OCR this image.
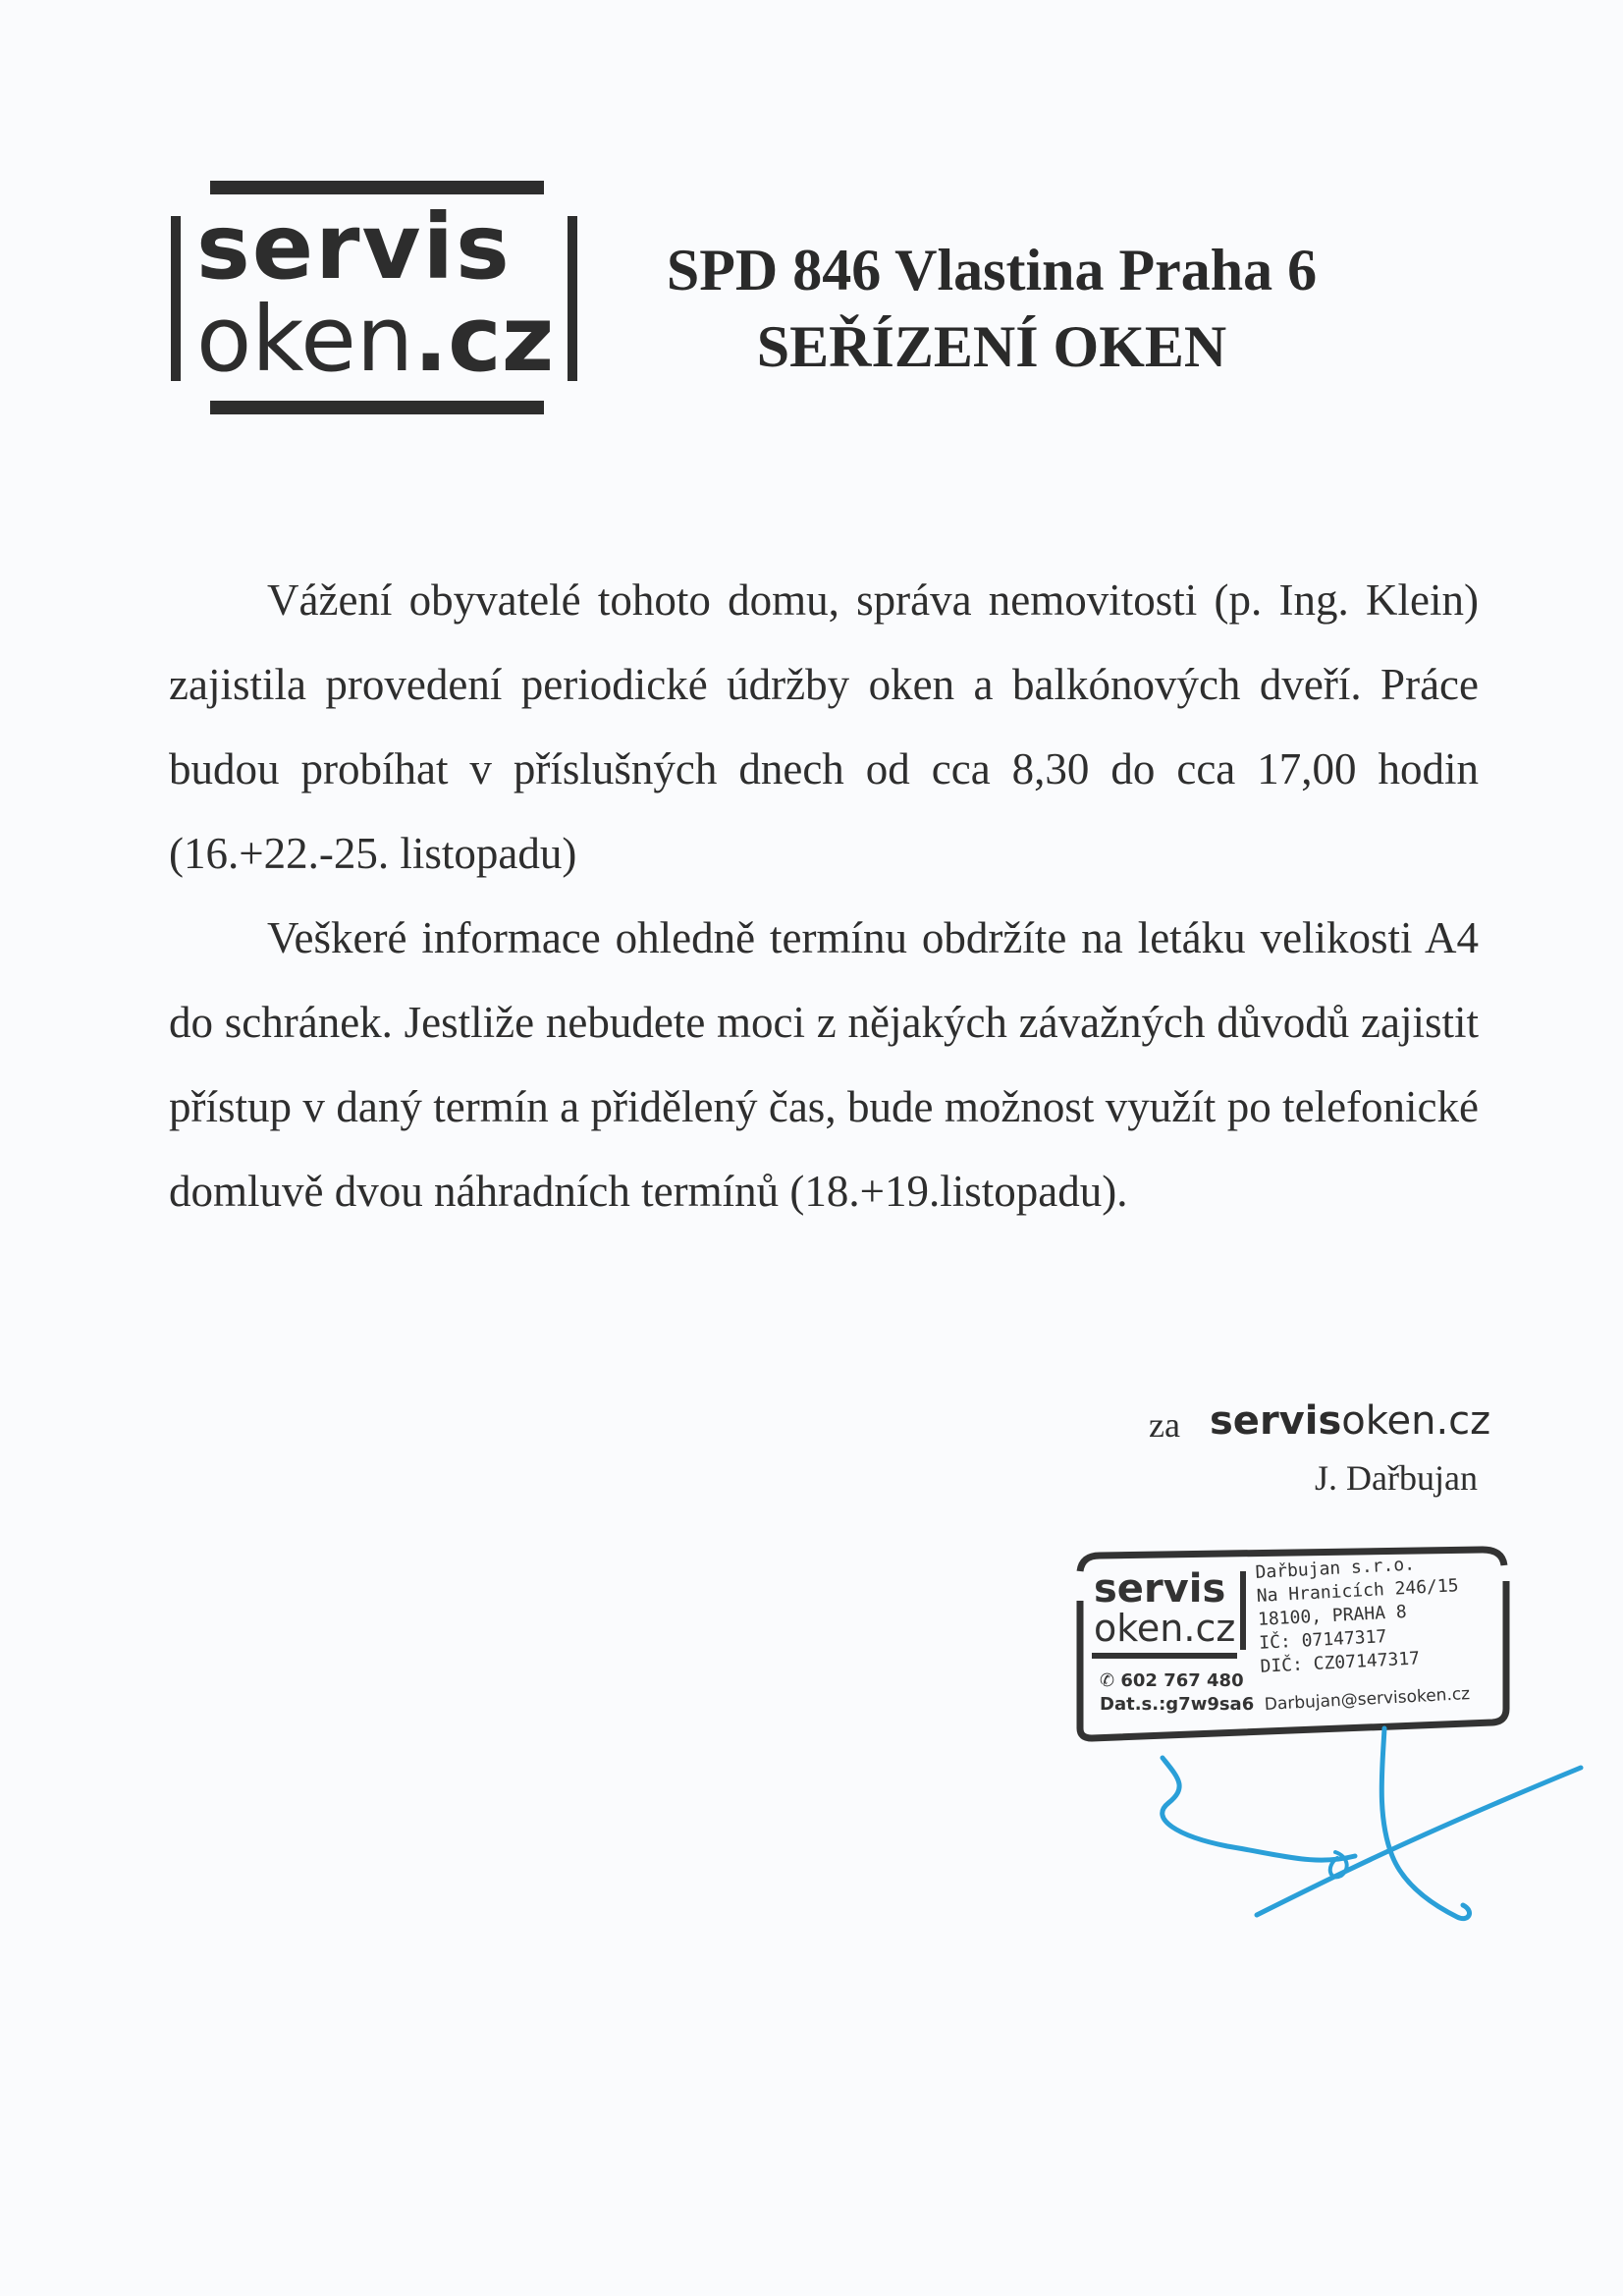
servis
oken.cz
SPD 846 Vlastina Praha 6
SEŘÍZENÍ OKEN

Vážení obyvatelé tohoto domu, správa nemovitosti (p. Ing. Klein) zajistila provedení periodické údržby oken a balkónových dveří. Práce budou probíhat v příslušných dnech od cca 8,30 do cca 17,00 hodin (16.+22.-25. listopadu)

Veškeré informace ohledně termínu obdržíte na letáku velikosti A4 do schránek. Jestliže nebudete moci z nějakých závažných důvodů zajistit přístup v daný termín a přidělený čas, bude možnost využít po telefonické domluvě dvou náhradních termínů (18.+19.listopadu).

za servisoken.cz
J. Dařbujan
servis
oken.cz
Dařbujan s.r.o.
Na Hranicích 246/15
18100, PRAHA 8
IČ: 07147317
DIČ: CZ07147317
✆ 602 767 480
Dat.s.:g7w9sa6
Darbujan@servisoken.cz
